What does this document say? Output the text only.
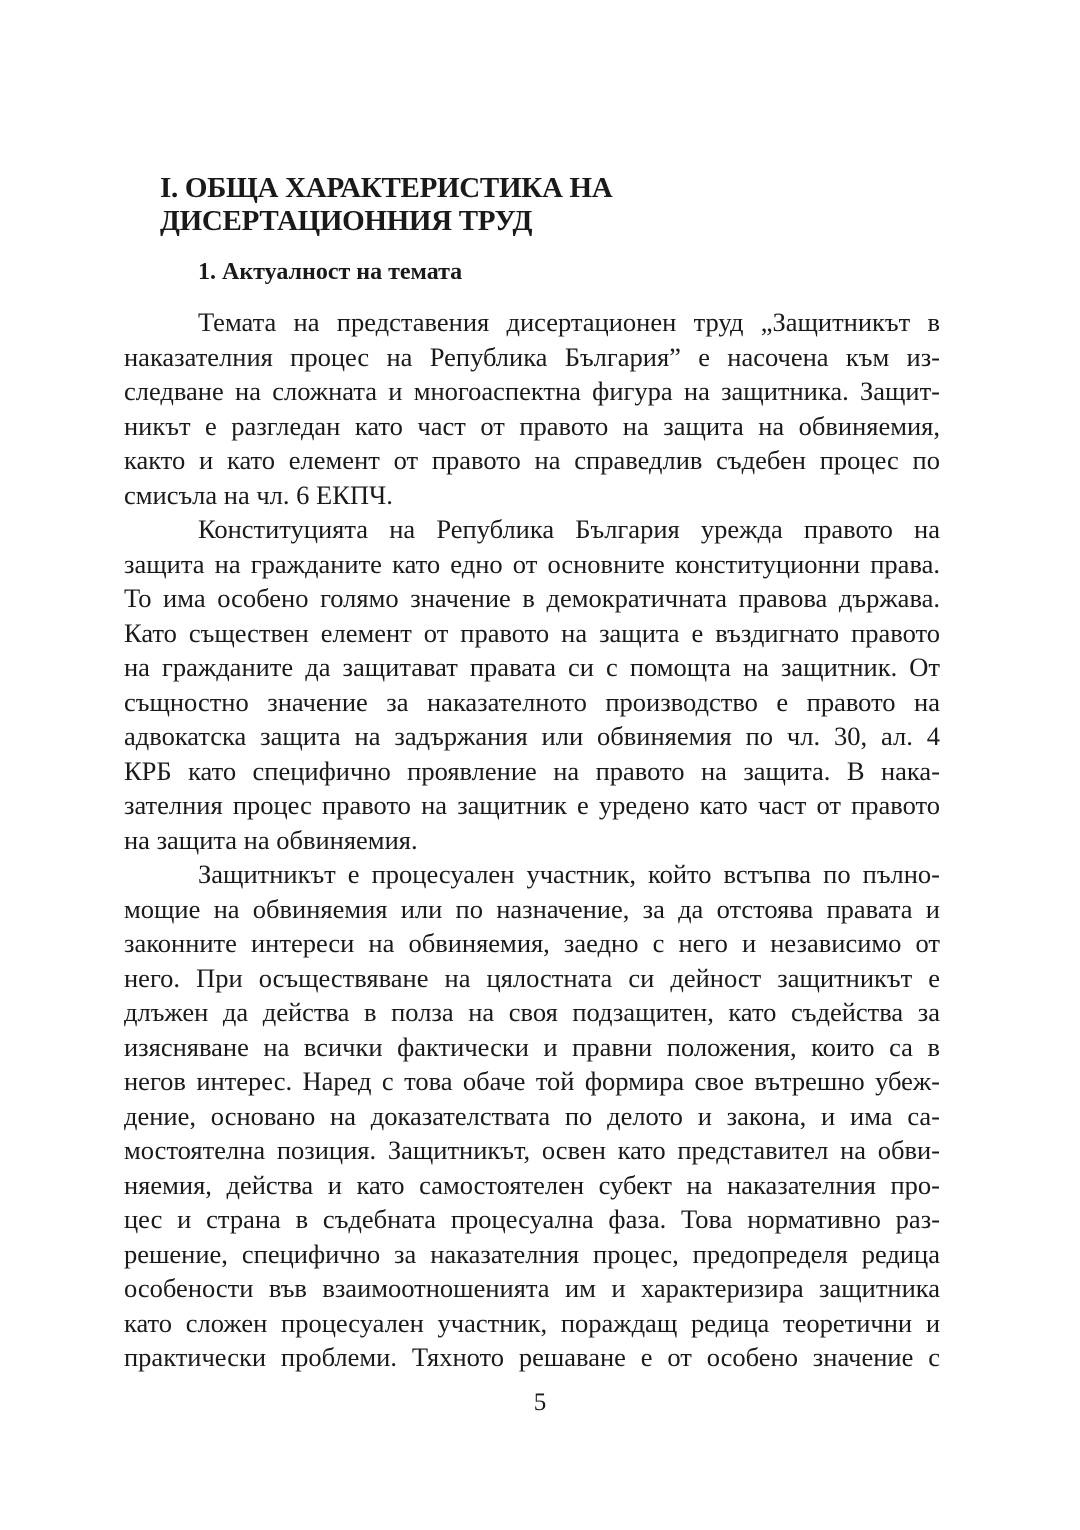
I. ОБЩА ХАРАКТЕРИСТИКА НА
ДИСЕРТАЦИОННИЯ ТРУД
1. Актуалност на темата
Темата на представения дисертационен труд „Защитникът в
наказателния процес на Република България” е насочена към из-
следване на сложната и многоаспектна фигура на защитника. Защит-
никът е разгледан като част от правото на защита на обвиняемия,
както и като елемент от правото на справедлив съдебен процес по
смисъла на чл. 6 ЕКПЧ.
Конституцията на Република България урежда правото на
защита на гражданите като едно от основните конституционни права.
То има особено голямо значение в демократичната правова държава.
Като съществен елемент от правото на защита е въздигнато правото
на гражданите да защитават правата си с помощта на защитник. От
същностно значение за наказателното производство е правото на
адвокатска защита на задържания или обвиняемия по чл. 30, ал. 4
КРБ като специфично проявление на правото на защита. В нака-
зателния процес правото на защитник е уредено като част от правото
на защита на обвиняемия.
Защитникът е процесуален участник, който встъпва по пълно-
мощие на обвиняемия или по назначение, за да отстоява правата и
законните интереси на обвиняемия, заедно с него и независимо от
него. При осъществяване на цялостната си дейност защитникът е
длъжен да действа в полза на своя подзащитен, като съдейства за
изясняване на всички фактически и правни положения, които са в
негов интерес. Наред с това обаче той формира свое вътрешно убеж-
дение, основано на доказателствата по делото и закона, и има са-
мостоятелна позиция. Защитникът, освен като представител на обви-
няемия, действа и като самостоятелен субект на наказателния про-
цес и страна в съдебната процесуална фаза. Това нормативно раз-
решение, специфично за наказателния процес, предопределя редица
особености във взаимоотношенията им и характеризира защитника
като сложен процесуален участник, пораждащ редица теоретични и
практически проблеми. Тяхното решаване е от особено значение с
5
